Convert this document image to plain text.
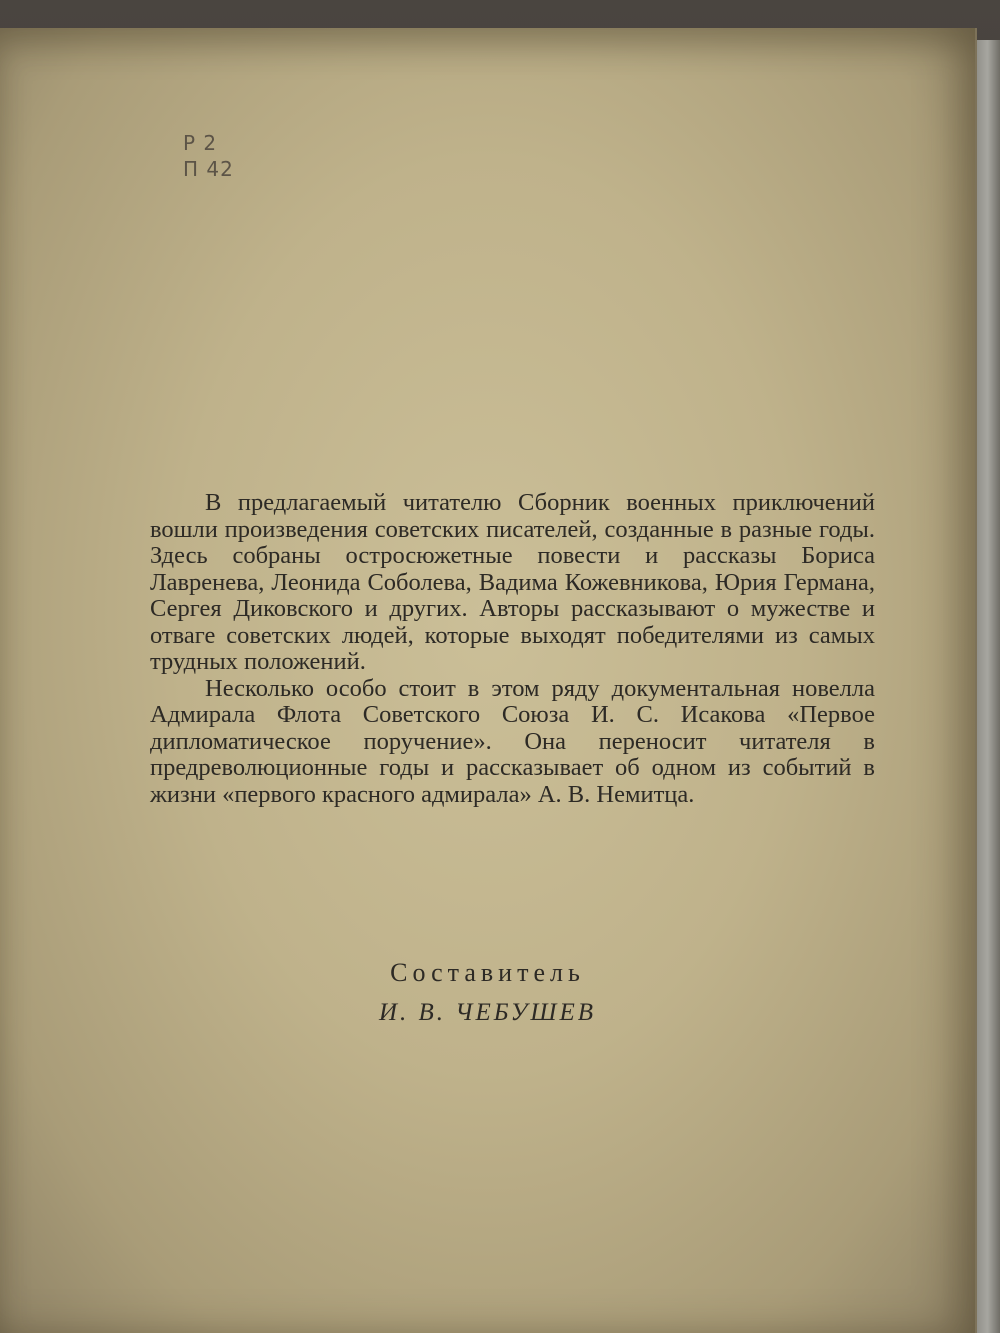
Р 2
П 42

В предлагаемый читателю Сборник военных приключений вошли произведения советских писателей, созданные в разные годы. Здесь собраны остросюжетные повести и рассказы Бориса Лавренева, Леонида Соболева, Вадима Кожевникова, Юрия Германа, Сергея Диковского и других. Авторы рассказывают о мужестве и отваге советских людей, которые выходят победителями из самых трудных положений.

Несколько особо стоит в этом ряду документальная новелла Адмирала Флота Советского Союза И. С. Исакова «Первое дипломатическое поручение». Она переносит читателя в предреволюционные годы и рассказывает об одном из событий в жизни «первого красного адмирала» А. В. Немитца.

Составитель
И. В. ЧЕБУШЕВ
